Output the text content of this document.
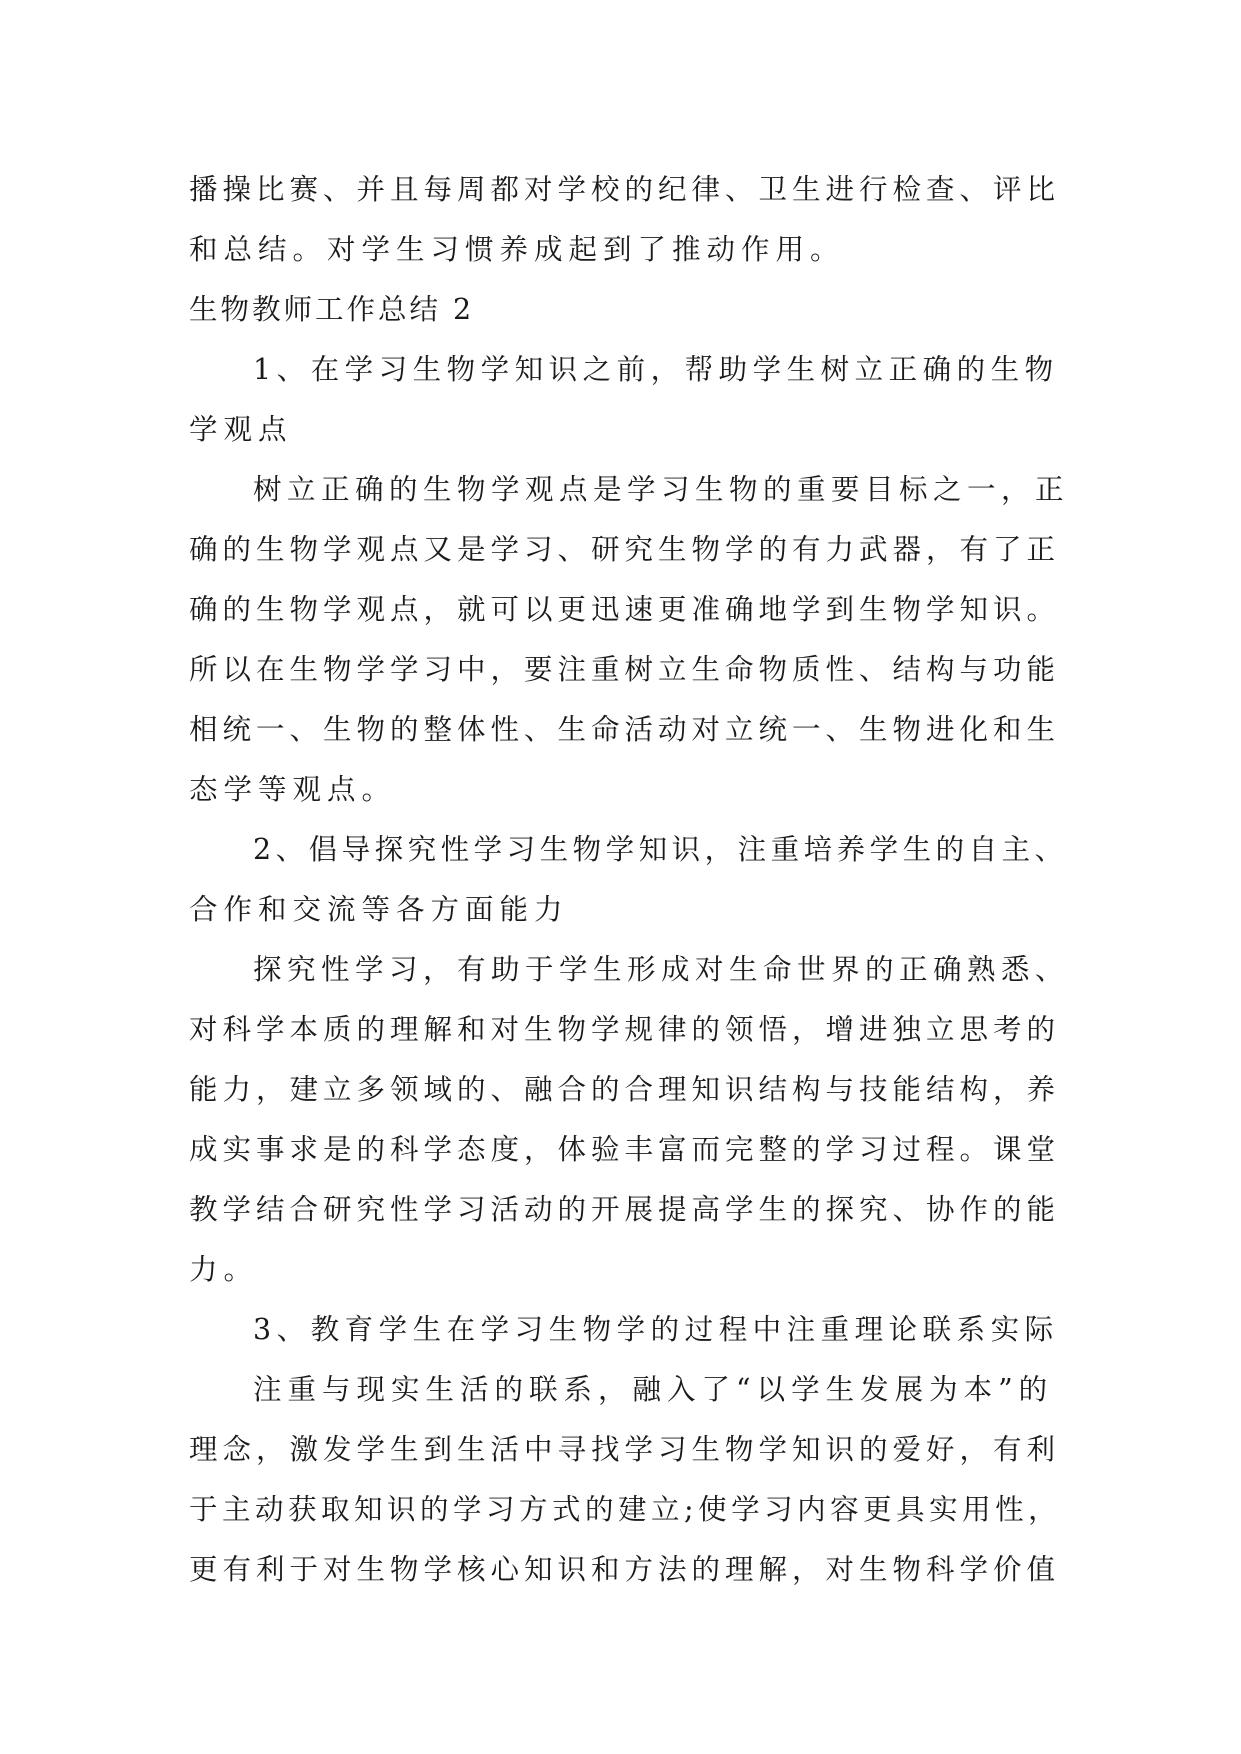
播操比赛、并且每周都对学校的纪律、卫生进行检查、评比
和总结。对学生习惯养成起到了推动作用。
生物教师工作总结 2
1、在学习生物学知识之前，帮助学生树立正确的生物
学观点
树立正确的生物学观点是学习生物的重要目标之一，正
确的生物学观点又是学习、研究生物学的有力武器，有了正
确的生物学观点，就可以更迅速更准确地学到生物学知识。
所以在生物学学习中，要注重树立生命物质性、结构与功能
相统一、生物的整体性、生命活动对立统一、生物进化和生
态学等观点。
2、倡导探究性学习生物学知识，注重培养学生的自主、
合作和交流等各方面能力
探究性学习，有助于学生形成对生命世界的正确熟悉、
对科学本质的理解和对生物学规律的领悟，增进独立思考的
能力，建立多领域的、融合的合理知识结构与技能结构，养
成实事求是的科学态度，体验丰富而完整的学习过程。课堂
教学结合研究性学习活动的开展提高学生的探究、协作的能
力。
3、教育学生在学习生物学的过程中注重理论联系实际
注重与现实生活的联系，融入了“以学生发展为本”的
理念，激发学生到生活中寻找学习生物学知识的爱好，有利
于主动获取知识的学习方式的建立;使学习内容更具实用性，
更有利于对生物学核心知识和方法的理解，对生物科学价值
